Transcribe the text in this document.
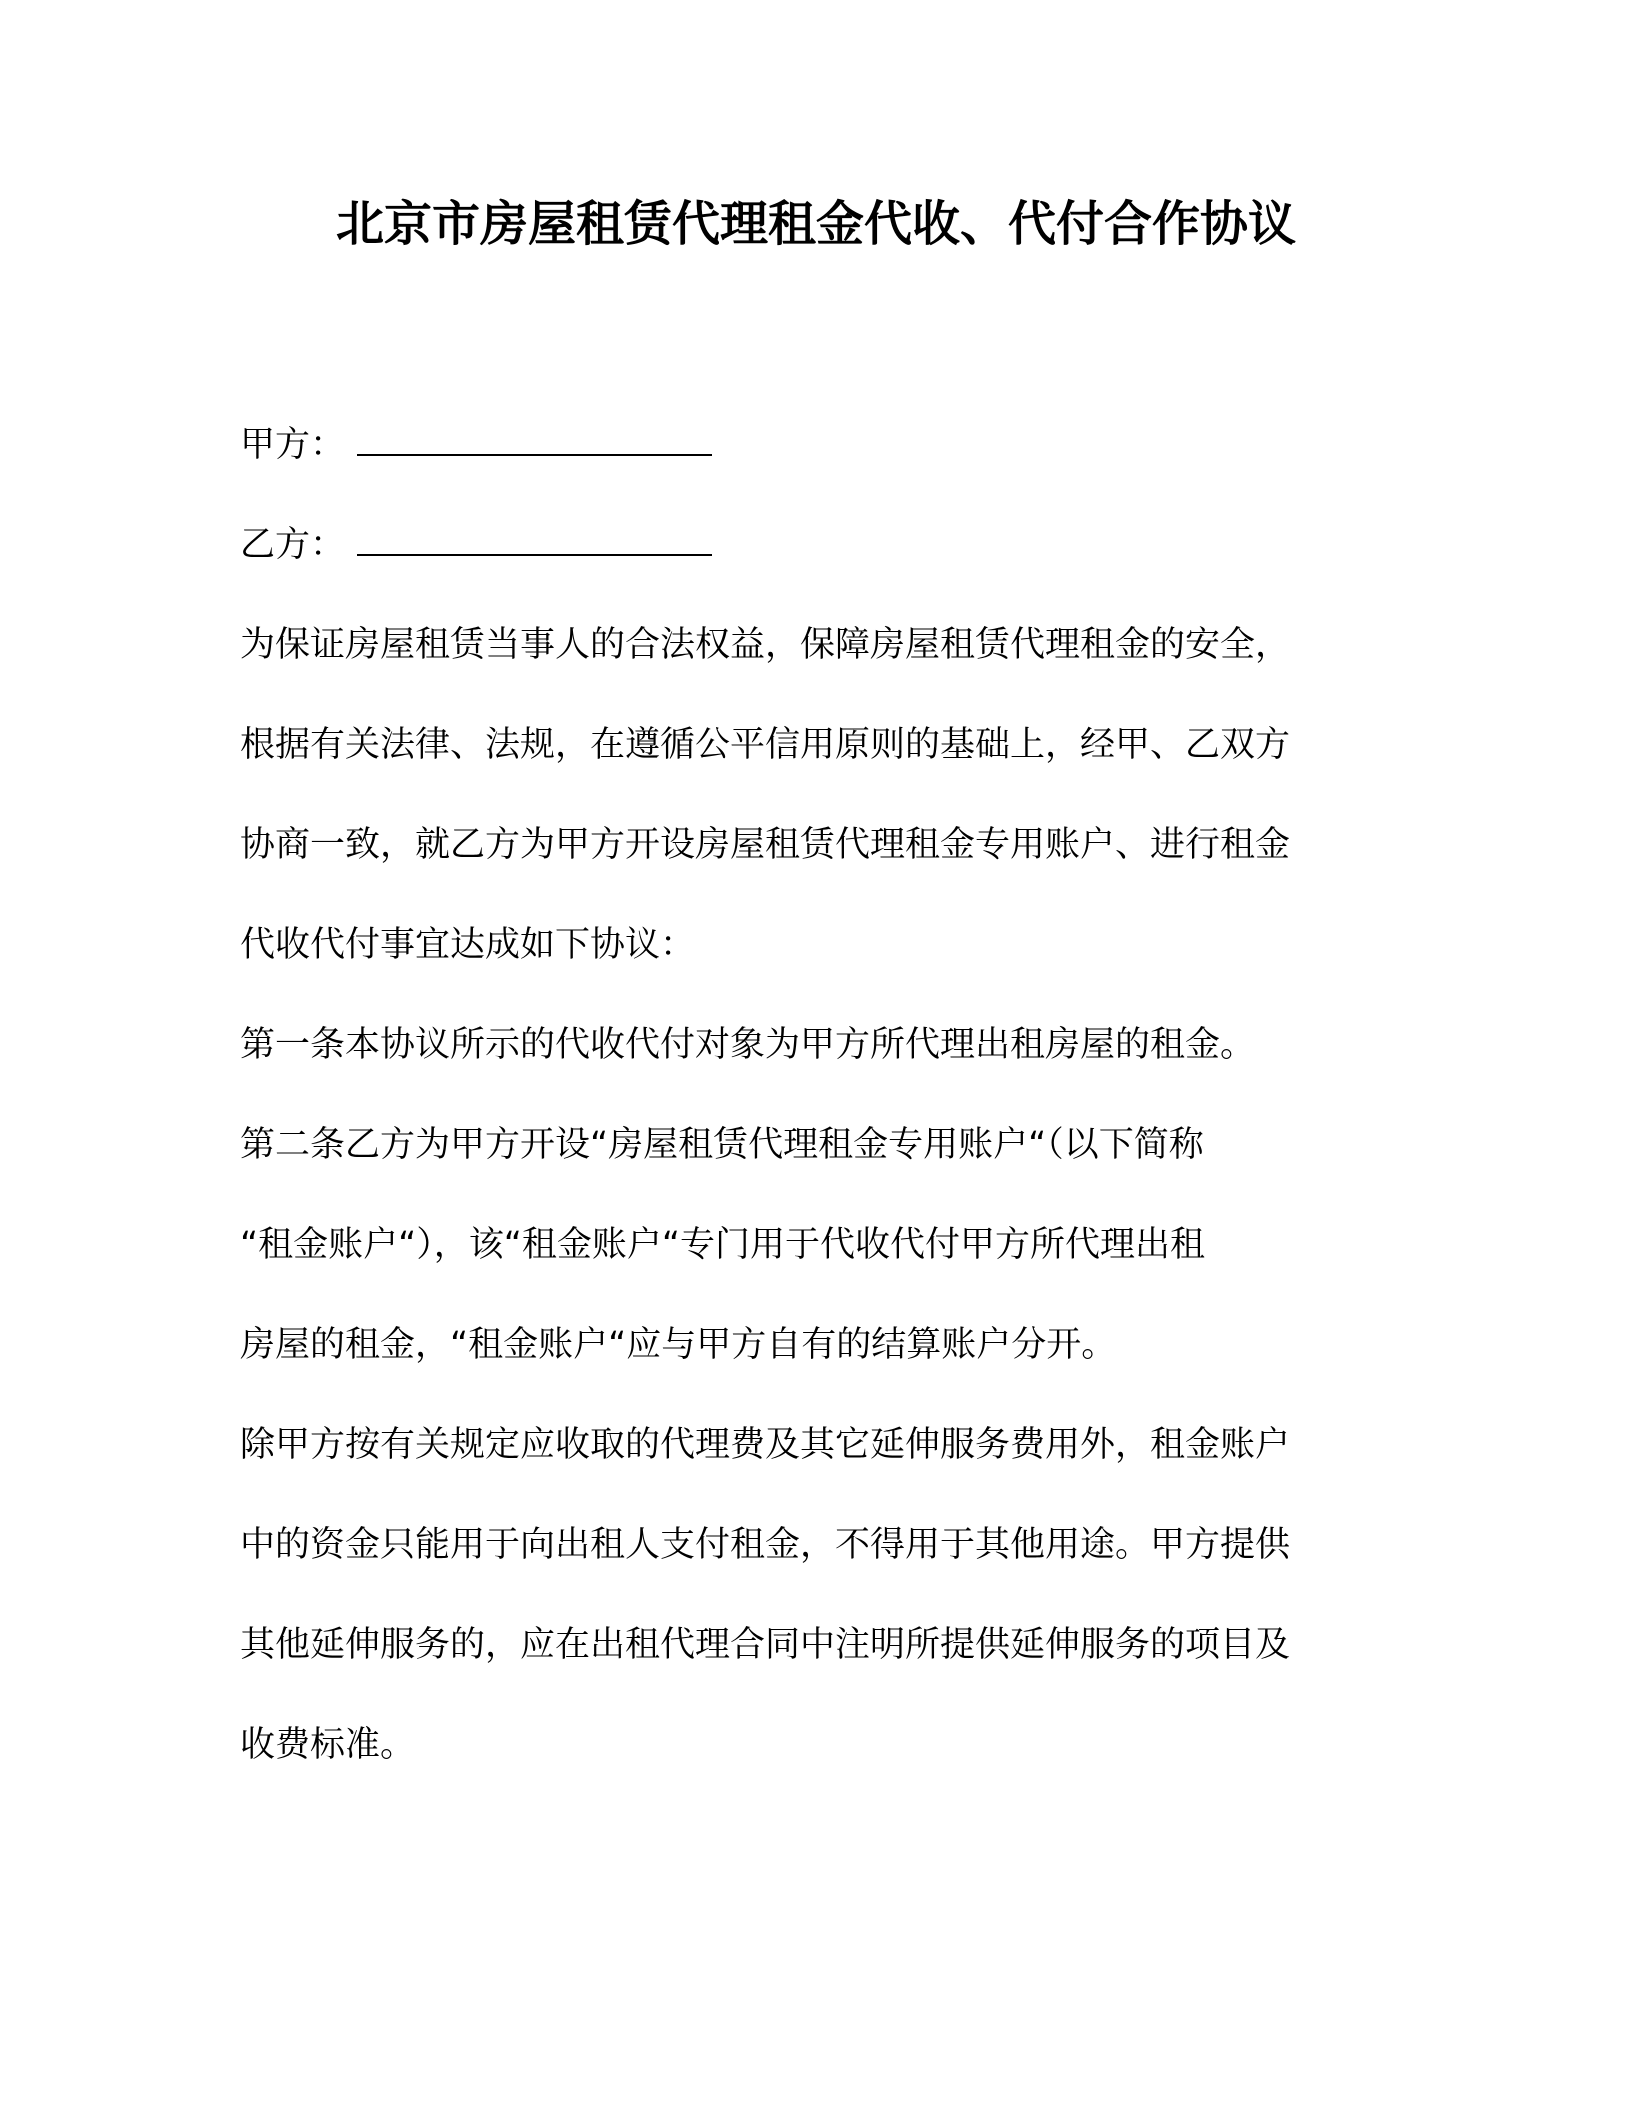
北京市房屋租赁代理租金代收、代付合作协议
甲方：
乙方：
为保证房屋租赁当事人的合法权益，保障房屋租赁代理租金的安全，
根据有关法律、法规，在遵循公平信用原则的基础上，经甲、乙双方
协商一致，就乙方为甲方开设房屋租赁代理租金专用账户、进行租金
代收代付事宜达成如下协议：
第一条本协议所示的代收代付对象为甲方所代理出租房屋的租金。
第二条乙方为甲方开设“房屋租赁代理租金专用账户“（以下简称
“租金账户“），该“租金账户“专门用于代收代付甲方所代理出租
房屋的租金，“租金账户“应与甲方自有的结算账户分开。
除甲方按有关规定应收取的代理费及其它延伸服务费用外，租金账户
中的资金只能用于向出租人支付租金，不得用于其他用途。甲方提供
其他延伸服务的，应在出租代理合同中注明所提供延伸服务的项目及
收费标准。
